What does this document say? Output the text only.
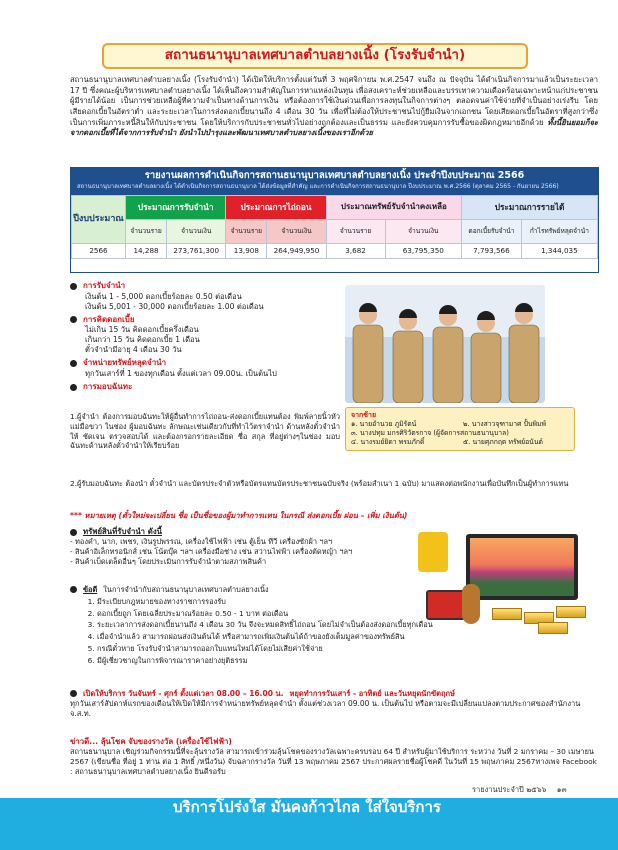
สถานธนานุบาลเทศบาลตำบลยางเนิ้ง (โรงรับจำนำ)
สถานธนานุบาลเทศบาลตำบลยางเนิ้ง (โรงรับจำนำ) ได้เปิดให้บริการตั้งแต่วันที่ 3 พฤศจิกายน พ.ศ.2547 จนถึง ณ ปัจจุบัน ได้ดำเนินกิจการมาแล้วเป็นระยะเวลา 17 ปี ซึ่งคณะผู้บริหารเทศบาลตำบลยางเนิ้ง ได้เห็นถึงความสำคัญในการหาแหล่งเงินทุน เพื่อสงเคราะห์ช่วยเหลือและบรรเทาความเดือดร้อนเฉพาะหน้าแก่ประชาชนผู้มีรายได้น้อย เป็นการช่วยเหลือผู้ที่ความจำเป็นทางด้านการเงิน หรือต้องการใช้เงินด่วนเพื่อการลงทุนในกิจการต่างๆ ตลอดจนค่าใช้จ่ายที่จำเป็นอย่างเร่งรีบ โดยเสียดอกเบี้ยในอัตราต่ำ และระยะเวลาในการส่งดอกเบี้ยนานถึง 4 เดือน 30 วัน เพื่อที่ไม่ต้องให้ประชาชนไปกู้ยืมเงินจากเอกชน โดยเสียดอกเบี้ยในอัตราที่สูงกว่าซึ่งเป็นการเพิ่มภาระหนี้สินให้กับประชาชน โดยให้บริการกับประชาชนทั่วไปอย่างถูกต้องและเป็นธรรม และยังควบคุมการรับซื้อของผิดกฎหมายอีกด้วย ทั้งนี้ยินยอมก็จะจากดอกเบี้ยที่ได้จากการรับจำนำ ยังนำไปบำรุงและพัฒนาเทศบาลตำบลยางเนิ้งของเราอีกด้วย
รายงานผลการดำเนินกิจการสถานธนานุบาลเทศบาลตำบลยางเนิ้ง ประจำปีงบประมาณ 2566
สถานธนานุบาลเทศบาลตำบลยางเนิ้ง ได้ดำเนินกิจการสถานธนานุบาล ได้ส่งข้อมูลที่สำคัญ และการดำเนินกิจการสถานธนานุบาล ปีงบประมาณ พ.ศ.2566 (ตุลาคม 2565 - กันยายน 2566)
ปีงบประมาณ	ประมาณการรับจำนำ		ประมาณการไถ่ถอน		ประมาณทรัพย์รับจำนำคงเหลือ		ประมาณการรายได้	
	จำนวนราย	จำนวนเงิน	จำนวนราย	จำนวนเงิน	จำนวนราย	จำนวนเงิน	ดอกเบี้ยรับจำนำ	กำไรทรัพย์หลุดจำนำ
2566	14,288	273,761,300	13,908	264,949,950	3,682	63,795,350	7,793,566	1,344,035
การรับจำนำ
เงินต้น 1 - 5,000 ดอกเบี้ยร้อยละ 0.50 ต่อเดือน
เงินต้น 5,001 - 30,000 ดอกเบี้ยร้อยละ 1.00 ต่อเดือน
การคิดดอกเบี้ย
ไม่เกิน 15 วัน คิดดอกเบี้ยครึ่งเดือน
เกินกว่า 15 วัน คิดดอกเบี้ย 1 เดือน
ตั๋วจำนำมีอายุ 4 เดือน 30 วัน
จำหน่ายทรัพย์หลุดจำนำ
ทุกวันเสาร์ที่ 1 ของทุกเดือน ตั้งแต่เวลา 09.00น. เป็นต้นไป
การมอบฉันทะ
จากซ้าย
๑. นายอำนวย ภูมิรัตน์	๒. นางสาวจุฑามาศ ปั้นพิมพ์
๓. นางปทุม มกรศิริวัตรกาจ (ผู้จัดการสถานธนานุบาล)
๔. นางรมย์ยิดา พรมภักดิ์	๕. นายศุภกฤต ทรัพย์อนันต์
1.ผู้จำนำ ต้องการมอบฉันทะให้ผู้อื่นทำการไถ่ถอน-ส่งดอกเบี้ยแทนต้อง พิมพ์ลายนิ้วหัวแม่มือขวา ในช่อง ผู้มอบฉันทะ ลักษณะเช่นเดียวกับที่ทำไว้ตราจำนำ ด้านหลังตั๋วจำนำให้ ชัดเจน ตรวจสอบได้ และต้องกรอกรายละเอียด ชื่อ สกุล ที่อยู่ต่างๆในช่อง มอบฉันทะด้านหลังตั๋วจำนำให้เรียบร้อย
2.ผู้รับมอบฉันทะ ต้องนำ ตั๋วจำนำ และบัตรประจำตัวหรือบัตรแทนบัตรประชาชนฉบับจริง (พร้อมสำเนา 1 ฉบับ) มาแสดงต่อพนักงานเพื่อบันทึกเป็นผู้ทำการแทน
*** หมายเหตุ (ตั๋วใหม่จะเปลี่ยน ชื่อ เป็นชื่อของผู้มาทำการแทน ในกรณี ส่งดอกเบี้ย ผ่อน – เพิ่ม เงินต้น)
ทรัพย์สินที่รับจำนำ ดังนี้
- ทองคำ, นาก, เพชร, เงินรูปพรรณ, เครื่องใช้ไฟฟ้า เช่น ตู้เย็น ทีวี เครื่องซักผ้า ฯลฯ
- สินค้าอิเล็กทรอนิกส์ เช่น โน้ตบุ๊ค ฯลฯ เครื่องมือช่าง เช่น สว่านไฟฟ้า เครื่องตัดหญ้า ฯลฯ
- สินค้าเบ็ดเตล็ดอื่นๆ โดยประเมินการรับจำนำตามสภาพสินค้า
ข้อดี ในการจำนำกับสถานธนานุบาลเทศบาลตำบลยางเนิ้ง
1. มีระเบียบกฎหมายของทางราชการรองรับ
2. ดอกเบี้ยถูก โดยเฉลี่ยประมาณร้อยละ 0.50 - 1 บาท ต่อเดือน
3. ระยะเวลาการส่งดอกเบี้ยนานถึง 4 เดือน 30 วัน จึงจะหมดสิทธิ์ไถ่ถอน โดยไม่จำเป็นต้องส่งดอกเบี้ยทุกเดือน
4. เมื่อจำนำแล้ว สามารถผ่อนส่งเงินต้นได้ หรือสามารถเพิ่มเงินต้นได้ถ้าของยังเต็มมูลค่าของทรัพย์สิน
5. กรณีตั๋วหาย โรงรับจำนำสามารถออกใบแทนใหม่ได้โดยไม่เสียค่าใช้จ่าย
6. มีผู้เชี่ยวชาญในการพิจารณาราคาอย่างยุติธรรม
เปิดให้บริการ วันจันทร์ - ศุกร์ ตั้งแต่เวลา 08.00 – 16.00 น. หยุดทำการวันเสาร์ - อาทิตย์ และวันหยุดนักขัตฤกษ์
ทุกวันเสาร์สัปดาห์แรกของเดือนให้เปิดให้มีการจำหน่ายทรัพย์หลุดจำนำ ตั้งแต่ช่วงเวลา 09.00 น. เป็นต้นไป หรือตามจะมีเปลี่ยนแปลงตามประกาศของสำนักงาน จ.ส.ท.
ข่าวดี... ลุ้นโชค จับของรางวัล (เครื่องใช้ไฟฟ้า)
สถานธนานุบาล เชิญร่วมกิจกรรมนี้ที่จะลุ้นรางวัล สามารถเข้าร่วมลุ้นโชคของรางวัลเฉพาะครบรอบ 64 ปี สำหรับผู้มาใช้บริการ ระหว่าง วันที่ 2 มกราคม – 30 เมษายน 2567 (เขียนชื่อ ที่อยู่ 1 ท่าน ต่อ 1 สิทธิ์ /หนึ่งวัน) จับฉลากรางวัล วันที่ 13 พฤษภาคม 2567 ประกาศผลรายชื่อผู้โชคดี ในวันที่ 15 พฤษภาคม 2567ทางเพจ Facebook : สถานธนานุบาลเทศบาลตำบลยางเนิ้ง ยินดีรอรับ
รายงานประจำปี ๒๕๖๖ ๑๓
บริการโปร่งใส มั่นคงก้าวไกล ใส่ใจบริการ
